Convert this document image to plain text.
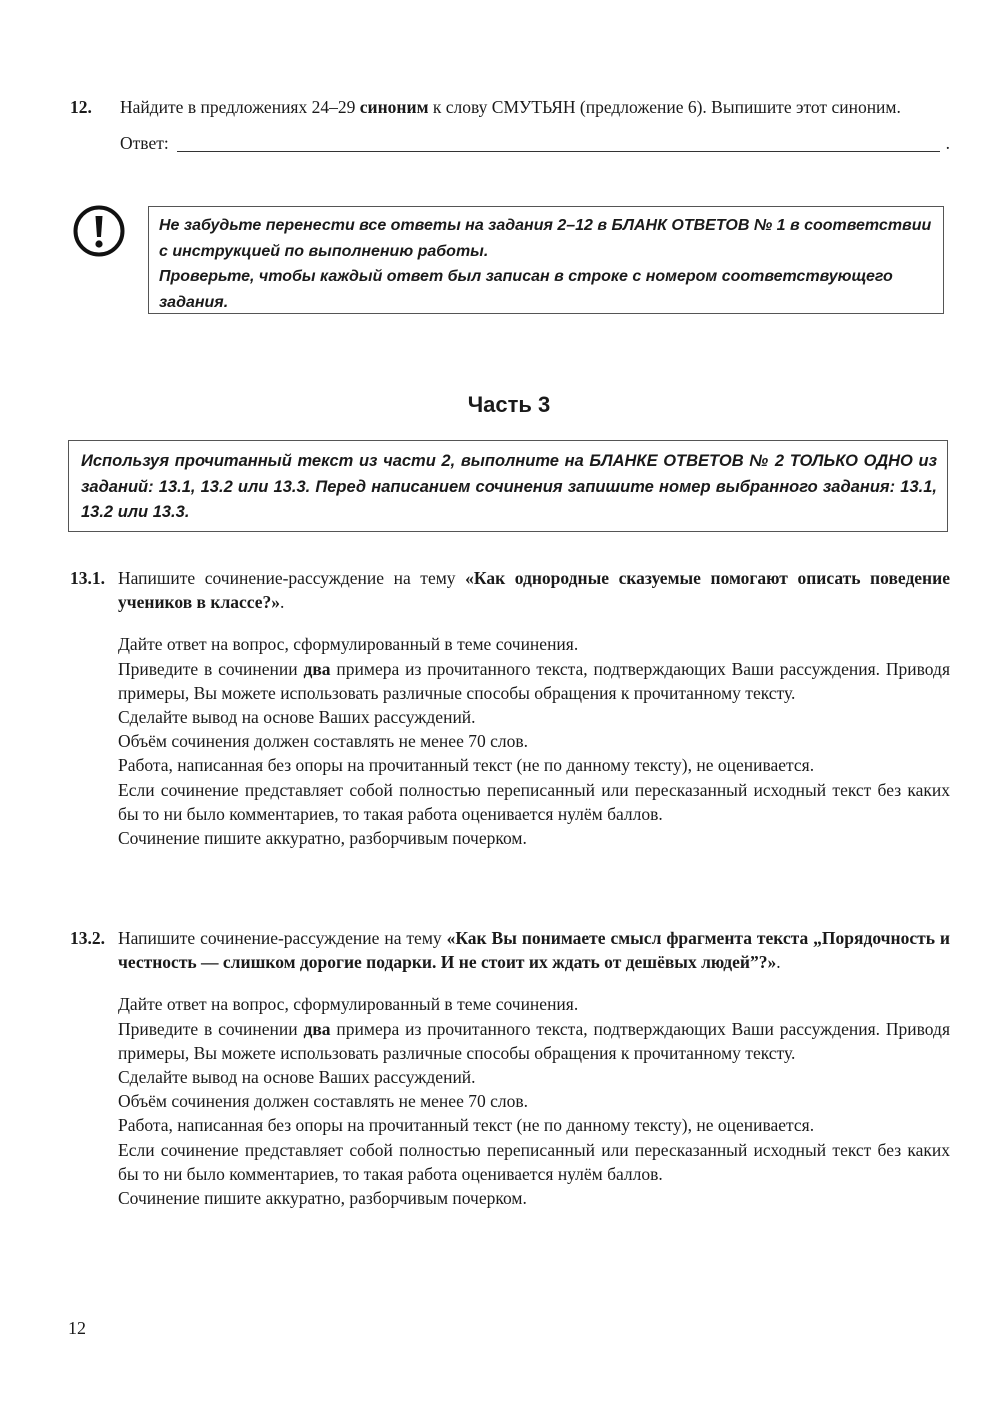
12. Найдите в предложениях 24–29 синоним к слову СМУТЬЯН (предложение 6). Выпишите этот синоним.
Ответ:	.
Не забудьте перенести все ответы на задания 2–12 в БЛАНК ОТВЕТОВ № 1 в соответствии с инструкцией по выполнению работы.
Проверьте, чтобы каждый ответ был записан в строке с номером соответствующего задания.
Часть 3
Используя прочитанный текст из части 2, выполните на БЛАНКЕ ОТВЕТОВ № 2 ТОЛЬКО ОДНО из заданий: 13.1, 13.2 или 13.3. Перед написанием сочинения запишите номер выбранного задания: 13.1, 13.2 или 13.3.
13.1. Напишите сочинение-рассуждение на тему «Как однородные сказуемые помогают описать поведение учеников в классе?».

Дайте ответ на вопрос, сформулированный в теме сочинения.

Приведите в сочинении два примера из прочитанного текста, подтверждающих Ваши рассуждения. Приводя примеры, Вы можете использовать различные способы обращения к прочитанному тексту.

Сделайте вывод на основе Ваших рассуждений.

Объём сочинения должен составлять не менее 70 слов.

Работа, написанная без опоры на прочитанный текст (не по данному тексту), не оценивается.

Если сочинение представляет собой полностью переписанный или пересказанный исходный текст без каких бы то ни было комментариев, то такая работа оценивается нулём баллов.

Сочинение пишите аккуратно, разборчивым почерком.

13.2. Напишите сочинение-рассуждение на тему «Как Вы понимаете смысл фрагмента текста „Порядочность и честность — слишком дорогие подарки. И не стоит их ждать от дешёвых людей”?».

Дайте ответ на вопрос, сформулированный в теме сочинения.

Приведите в сочинении два примера из прочитанного текста, подтверждающих Ваши рассуждения. Приводя примеры, Вы можете использовать различные способы обращения к прочитанному тексту.

Сделайте вывод на основе Ваших рассуждений.

Объём сочинения должен составлять не менее 70 слов.

Работа, написанная без опоры на прочитанный текст (не по данному тексту), не оценивается.

Если сочинение представляет собой полностью переписанный или пересказанный исходный текст без каких бы то ни было комментариев, то такая работа оценивается нулём баллов.

Сочинение пишите аккуратно, разборчивым почерком.

12
